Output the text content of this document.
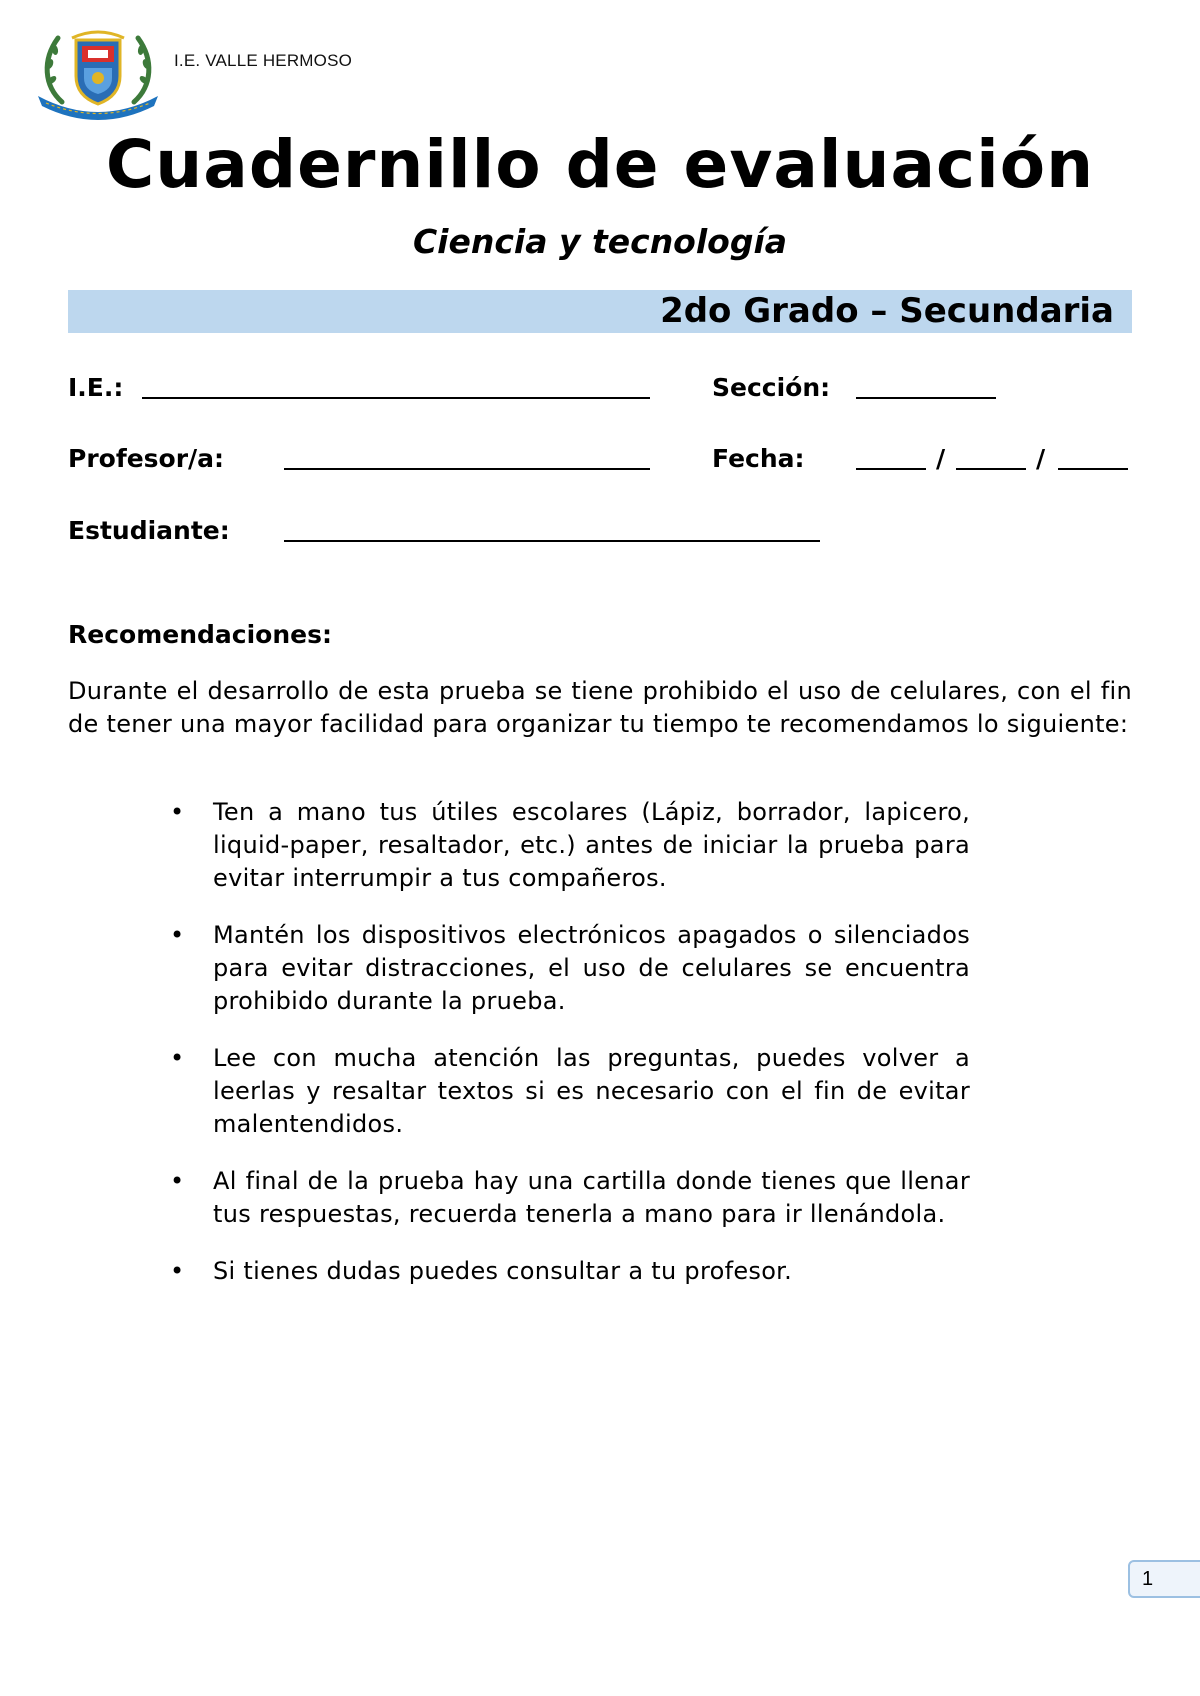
I.E. VALLE HERMOSO
Cuadernillo de evaluación
Ciencia y tecnología
2do Grado – Secundaria
I.E.:	Sección:
Profesor/a:	Fecha:	/	/
Estudiante:
Recomendaciones:

Durante el desarrollo de esta prueba se tiene prohibido el uso de celulares, con el fin de tener una mayor facilidad para organizar tu tiempo te recomendamos lo siguiente:

• Ten a mano tus útiles escolares (Lápiz, borrador, lapicero, liquid-paper, resaltador, etc.) antes de iniciar la prueba para evitar interrumpir a tus compañeros.
• Mantén los dispositivos electrónicos apagados o silenciados para evitar distracciones, el uso de celulares se encuentra prohibido durante la prueba.
• Lee con mucha atención las preguntas, puedes volver a leerlas y resaltar textos si es necesario con el fin de evitar malentendidos.
• Al final de la prueba hay una cartilla donde tienes que llenar tus respuestas, recuerda tenerla a mano para ir llenándola.
• Si tienes dudas puedes consultar a tu profesor.
1
